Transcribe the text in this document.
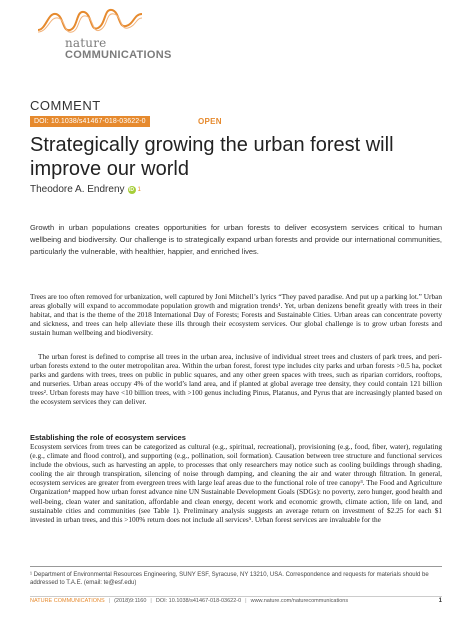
nature
COMMUNICATIONS
COMMENT
DOI: 10.1038/s41467-018-03622-0	OPEN
Strategically growing the urban forest will improve our world
Theodore A. Endreny iD 1

Growth in urban populations creates opportunities for urban forests to deliver ecosystem services critical to human wellbeing and biodiversity. Our challenge is to strategically expand urban forests and provide our international communities, particularly the vulnerable, with healthier, happier, and enriched lives.

Trees are too often removed for urbanization, well captured by Joni Mitchell’s lyrics “They paved paradise. And put up a parking lot.” Urban areas globally will expand to accommodate population growth and migration trends¹. Yet, urban denizens benefit greatly with trees in their habitat, and that is the theme of the 2018 International Day of Forests; Forests and Sustainable Cities. Urban areas can concentrate poverty and sickness, and trees can help alleviate these ills through their ecosystem services. Our global challenge is to grow urban forests and sustain human wellbeing and biodiversity.

The urban forest is defined to comprise all trees in the urban area, inclusive of individual street trees and clusters of park trees, and peri-urban forests extend to the outer metropolitan area. Within the urban forest, forest type includes city parks and urban forests >0.5 ha, pocket parks and gardens with trees, trees on public in public squares, and any other green spaces with trees, such as riparian corridors, rooftops, and nurseries. Urban areas occupy 4% of the world’s land area, and if planted at global average tree density, they could contain 121 billion trees². Urban forests may have <10 billion trees, with >100 genus including Pinus, Platanus, and Pyrus that are increasingly planted based on the ecosystem services they can deliver.

Establishing the role of ecosystem services

Ecosystem services from trees can be categorized as cultural (e.g., spiritual, recreational), provisioning (e.g., food, fiber, water), regulating (e.g., climate and flood control), and supporting (e.g., pollination, soil formation). Causation between tree structure and functional services include the obvious, such as harvesting an apple, to processes that only researchers may notice such as cooling buildings through shading, cooling the air through transpiration, silencing of noise through damping, and cleaning the air and water through filtration. In general, ecosystem services are greater from evergreen trees with large leaf areas due to the functional role of tree canopy³. The Food and Agriculture Organization⁴ mapped how urban forest advance nine UN Sustainable Development Goals (SDGs): no poverty, zero hunger, good health and well-being, clean water and sanitation, affordable and clean energy, decent work and economic growth, climate action, life on land, and sustainable cities and communities (see Table 1). Preliminary analysis suggests an average return on investment of $2.25 for each $1 invested in urban trees, and this >100% return does not include all services⁵. Urban forest services are invaluable for the

¹ Department of Environmental Resources Engineering, SUNY ESF, Syracuse, NY 13210, USA. Correspondence and requests for materials should be addressed to T.A.E. (email: te@esf.edu)
NATURE COMMUNICATIONS | (2018)9:1160 | DOI: 10.1038/s41467-018-03622-0 | www.nature.com/naturecommunications	1
